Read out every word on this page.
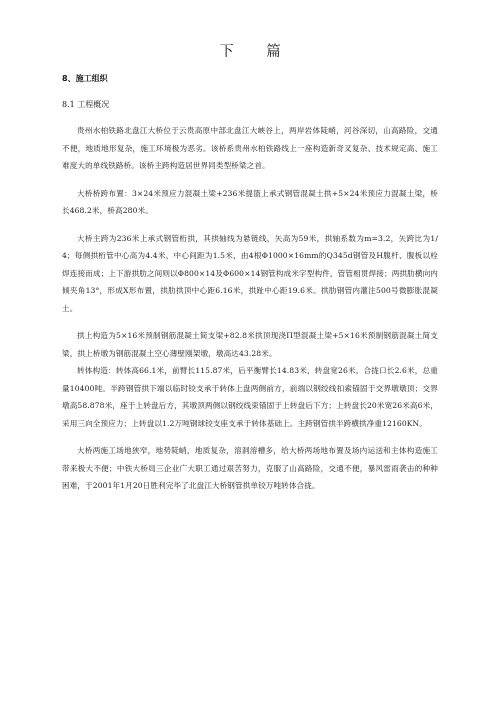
下 篇
8、施工组织
8.1 工程概况

贵州水柏铁路北盘江大桥位于云贵高原中部北盘江大峡谷上，两岸岩体陡峭，河谷深切，山高路险，交通不便，地质地形复杂，施工环境极为恶劣。该桥系贵州水柏铁路线上一座构造新奇叉复杂、技术规定高、施工难度大的单线铁路桥。该桥主跨构造居世界同类型桥梁之首。

大桥桥跨布置：3×24米预应力混凝土梁+236米提篮上承式钢管混凝土拱+5×24米预应力混凝土梁，桥长468.2米，桥高280米。

大桥主跨为236米上承式钢管桁拱，其拱轴线为悬链线，矢高为59米，拱轴系数为m=3.2，矢跨比为1/4；每侧拱桁管中心高为4.4米，中心间距为1.5米，由4根Φ1000×16mm的Q345d钢管及H腹杆、腹板以栓焊连接而成；上下游拱肋之间则以Φ800×14及Φ600×14钢管构成米字型构件，管管相贯焊接；两拱肋横向内倾夹角13°，形成X形布置，拱肋拱顶中心距6.16米，拱趾中心距19.6米。拱肋钢管内灌注500号微膨胀混凝土。

拱上构造为5×16米预制钢筋混凝土简支梁+82.8米拱顶现浇Π型混凝土梁+5×16米预制钢筋混凝土简支梁，拱上桥墩为钢筋混凝土空心薄壁刚架墩，墩高达43.28米。

转体构造：转体高66.1米，前臂长115.87米，后平衡臂长14.83米，转盘宽26米，合拢口长2.6米，总重量10400吨。半跨钢管拱下端以临时铰支承于转体上盘两侧前方，前端以钢绞线扣索锚固于交界墩墩顶；交界墩高58.878米，座于上转盘后方，其墩顶两侧以钢绞线束锚固于上转盘后下方；上转盘长20米宽26米高6米，采用三向全预应力；上转盘以1.2万吨钢球铰支座支承于转体基础上。主跨钢管拱半跨横拱净重12160KN。

大桥两施工场地狭窄，地势陡峭，地质复杂，溶洞溶槽多，给大桥两场地布置及场内运送和主体构造施工带来极大不便；中铁大桥局三企业广大职工通过艰苦努力，克服了山高路险，交通不便，暴风雷雨袭击的种种困难，于2001年1月20日胜利完毕了北盘江大桥钢管拱单铰万吨转体合拢。
